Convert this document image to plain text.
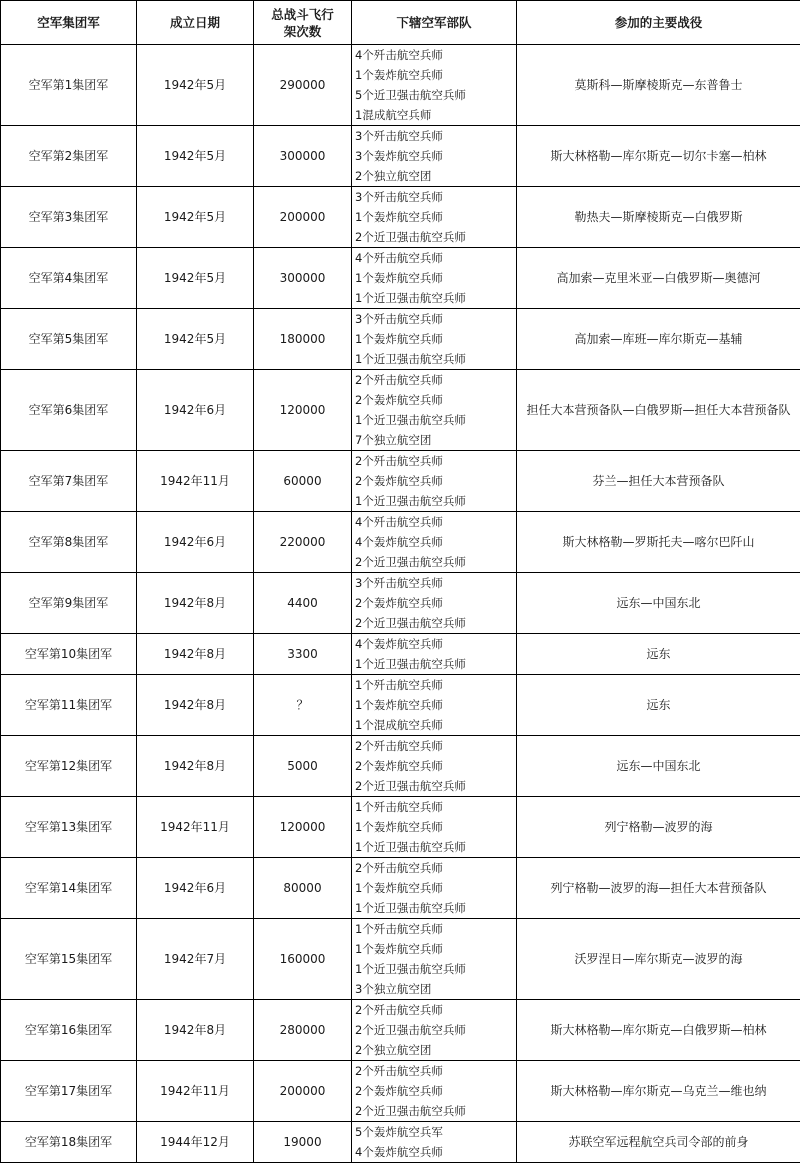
空军集团军	成立日期	总战斗飞行
架次数	下辖空军部队	参加的主要战役
空军第1集团军	1942年5月	290000	4个歼击航空兵师
1个轰炸航空兵师
5个近卫强击航空兵师
1混成航空兵师	莫斯科—斯摩棱斯克—东普鲁士
空军第2集团军	1942年5月	300000	3个歼击航空兵师
3个轰炸航空兵师
2个独立航空团	斯大林格勒—库尔斯克—切尔卡塞—柏林
空军第3集团军	1942年5月	200000	3个歼击航空兵师
1个轰炸航空兵师
2个近卫强击航空兵师	勒热夫—斯摩棱斯克—白俄罗斯
空军第4集团军	1942年5月	300000	4个歼击航空兵师
1个轰炸航空兵师
1个近卫强击航空兵师	高加索—克里米亚—白俄罗斯—奥德河
空军第5集团军	1942年5月	180000	3个歼击航空兵师
1个轰炸航空兵师
1个近卫强击航空兵师	高加索—库班—库尔斯克—基辅
空军第6集团军	1942年6月	120000	2个歼击航空兵师
2个轰炸航空兵师
1个近卫强击航空兵师
7个独立航空团	担任大本营预备队—白俄罗斯—担任大本营预备队
空军第7集团军	1942年11月	60000	2个歼击航空兵师
2个轰炸航空兵师
1个近卫强击航空兵师	芬兰—担任大本营预备队
空军第8集团军	1942年6月	220000	4个歼击航空兵师
4个轰炸航空兵师
2个近卫强击航空兵师	斯大林格勒—罗斯托夫—喀尔巴阡山
空军第9集团军	1942年8月	4400	3个歼击航空兵师
2个轰炸航空兵师
2个近卫强击航空兵师	远东—中国东北
空军第10集团军	1942年8月	3300	4个轰炸航空兵师
1个近卫强击航空兵师	远东
空军第11集团军	1942年8月	？	1个歼击航空兵师
1个轰炸航空兵师
1个混成航空兵师	远东
空军第12集团军	1942年8月	5000	2个歼击航空兵师
2个轰炸航空兵师
2个近卫强击航空兵师	远东—中国东北
空军第13集团军	1942年11月	120000	1个歼击航空兵师
1个轰炸航空兵师
1个近卫强击航空兵师	列宁格勒—波罗的海
空军第14集团军	1942年6月	80000	2个歼击航空兵师
1个轰炸航空兵师
1个近卫强击航空兵师	列宁格勒—波罗的海—担任大本营预备队
空军第15集团军	1942年7月	160000	1个歼击航空兵师
1个轰炸航空兵师
1个近卫强击航空兵师
3个独立航空团	沃罗涅日—库尔斯克—波罗的海
空军第16集团军	1942年8月	280000	2个歼击航空兵师
2个近卫强击航空兵师
2个独立航空团	斯大林格勒—库尔斯克—白俄罗斯—柏林
空军第17集团军	1942年11月	200000	2个歼击航空兵师
2个轰炸航空兵师
2个近卫强击航空兵师	斯大林格勒—库尔斯克—乌克兰—维也纳
空军第18集团军	1944年12月	19000	5个轰炸航空兵军
4个轰炸航空兵师	苏联空军远程航空兵司令部的前身
